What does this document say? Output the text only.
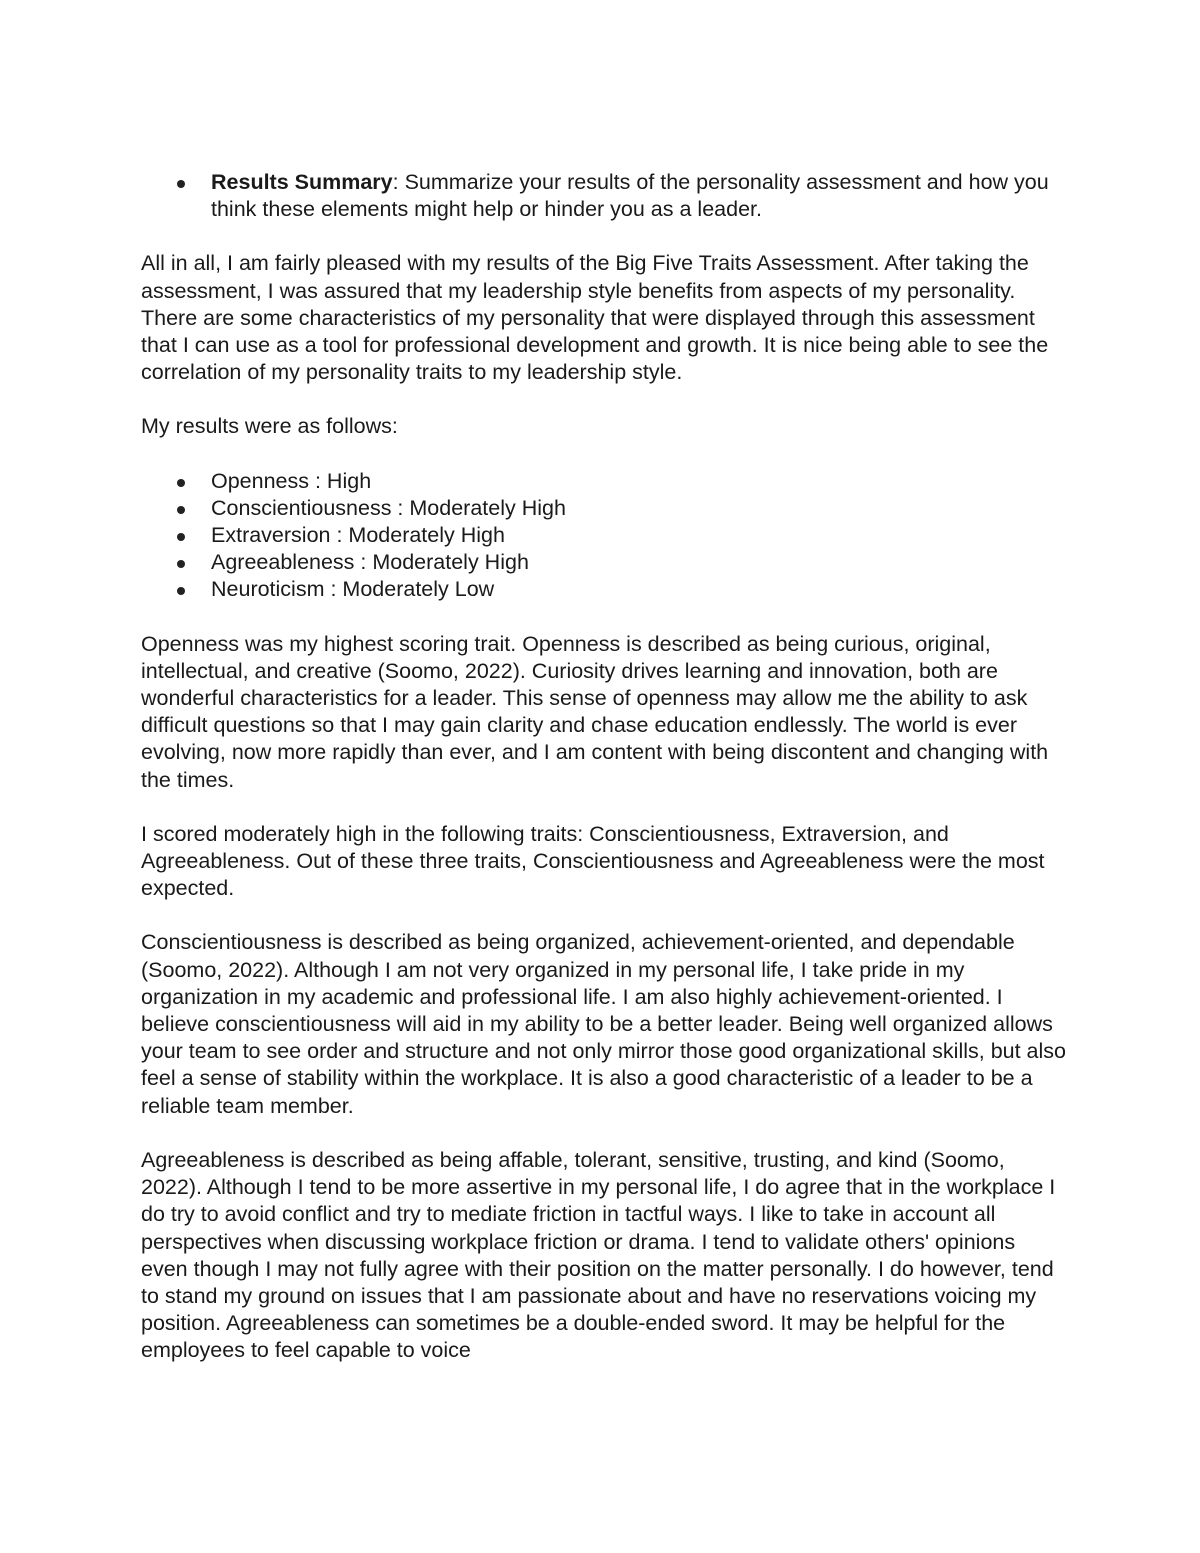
Results Summary: Summarize your results of the personality assessment and how you think these elements might help or hinder you as a leader.

All in all, I am fairly pleased with my results of the Big Five Traits Assessment. After taking the assessment, I was assured that my leadership style benefits from aspects of my personality. There are some characteristics of my personality that were displayed through this assessment that I can use as a tool for professional development and growth. It is nice being able to see the correlation of my personality traits to my leadership style.

My results were as follows:

Openness : High
Conscientiousness : Moderately High
Extraversion : Moderately High
Agreeableness : Moderately High
Neuroticism : Moderately Low

Openness was my highest scoring trait. Openness is described as being curious, original, intellectual, and creative (Soomo, 2022). Curiosity drives learning and innovation, both are wonderful characteristics for a leader. This sense of openness may allow me the ability to ask difficult questions so that I may gain clarity and chase education endlessly. The world is ever evolving, now more rapidly than ever, and I am content with being discontent and changing with the times.

I scored moderately high in the following traits: Conscientiousness, Extraversion, and Agreeableness. Out of these three traits, Conscientiousness and Agreeableness were the most expected.

Conscientiousness is described as being organized, achievement-oriented, and dependable (Soomo, 2022). Although I am not very organized in my personal life, I take pride in my organization in my academic and professional life. I am also highly achievement-oriented. I believe conscientiousness will aid in my ability to be a better leader. Being well organized allows your team to see order and structure and not only mirror those good organizational skills, but also feel a sense of stability within the workplace. It is also a good characteristic of a leader to be a reliable team member.

Agreeableness is described as being affable, tolerant, sensitive, trusting, and kind (Soomo, 2022). Although I tend to be more assertive in my personal life, I do agree that in the workplace I do try to avoid conflict and try to mediate friction in tactful ways. I like to take in account all perspectives when discussing workplace friction or drama. I tend to validate others' opinions even though I may not fully agree with their position on the matter personally. I do however, tend to stand my ground on issues that I am passionate about and have no reservations voicing my position. Agreeableness can sometimes be a double-ended sword. It may be helpful for the employees to feel capable to voice
